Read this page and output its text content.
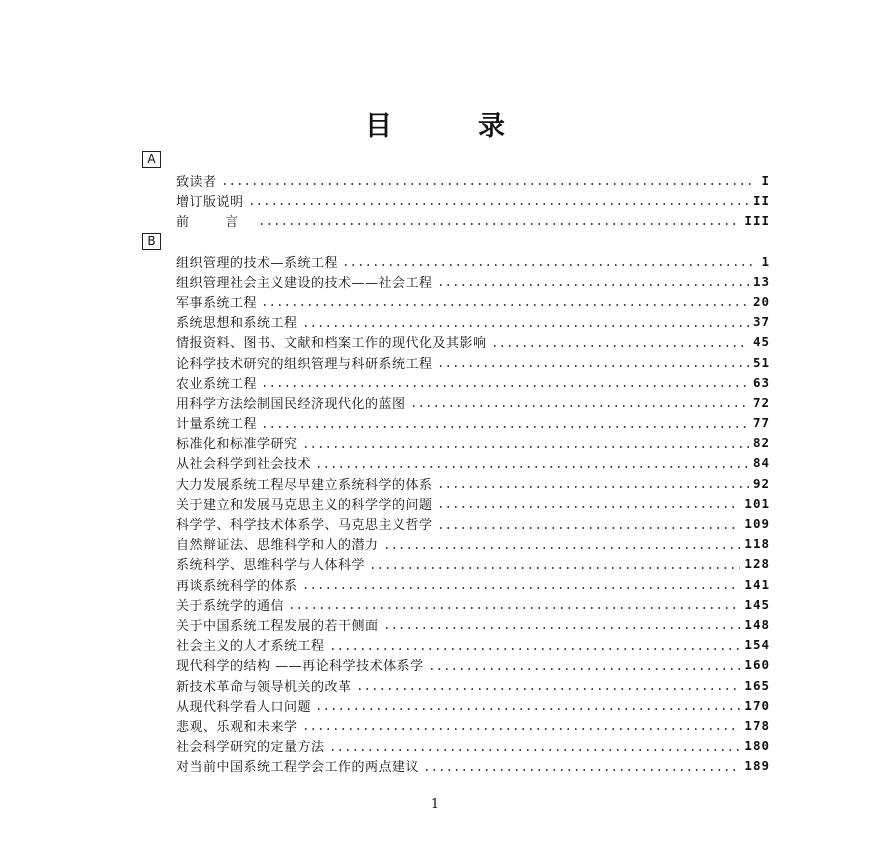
目	录
A
致读者	I
增订版说明	II
前 言	III
B
组织管理的技术—系统工程	1
组织管理社会主义建设的技术——社会工程	13
军事系统工程	20
系统思想和系统工程	37
情报资料、图书、文献和档案工作的现代化及其影响	45
论科学技术研究的组织管理与科研系统工程	51
农业系统工程	63
用科学方法绘制国民经济现代化的蓝图	72
计量系统工程	77
标准化和标准学研究	82
从社会科学到社会技术	84
大力发展系统工程尽早建立系统科学的体系	92
关于建立和发展马克思主义的科学学的问题	101
科学学、科学技术体系学、马克思主义哲学	109
自然辩证法、思维科学和人的潜力	118
系统科学、思维科学与人体科学	128
再谈系统科学的体系	141
关于系统学的通信	145
关于中国系统工程发展的若干侧面	148
社会主义的人才系统工程	154
现代科学的结构 ——再论科学技术体系学	160
新技术革命与领导机关的改革	165
从现代科学看人口问题	170
悲观、乐观和未来学	178
社会科学研究的定量方法	180
对当前中国系统工程学会工作的两点建议	189
1
